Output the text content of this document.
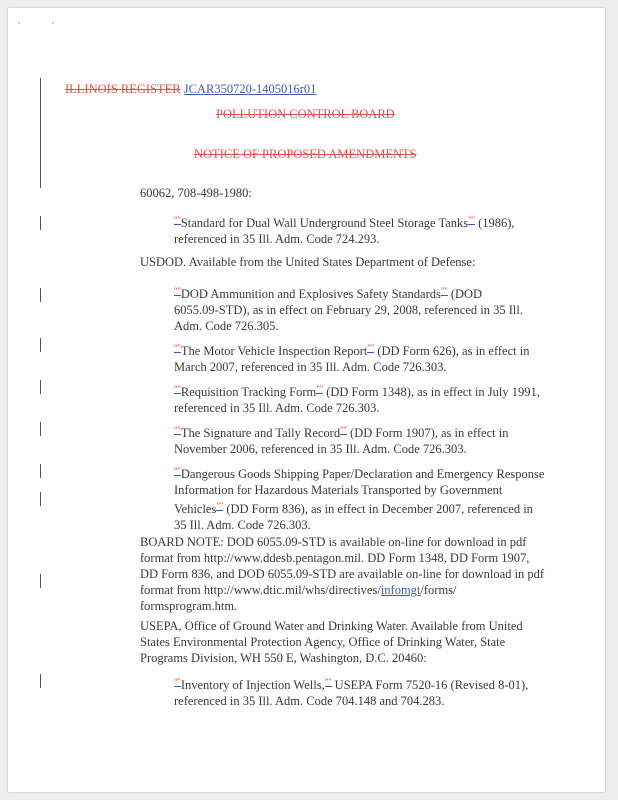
ILLINOIS REGISTER JCAR350720-1405016r01
POLLUTION CONTROL BOARD
NOTICE OF PROPOSED AMENDMENTS
60062, 708-498-1980:
“"Standard for Dual Wall Underground Steel Storage Tanks”" (1986),
referenced in 35 Ill. Adm. Code 724.293.
USDOD. Available from the United States Department of Defense:
“"DOD Ammunition and Explosives Safety Standards”" (DOD
6055.09-STD), as in effect on February 29, 2008, referenced in 35 Ill.
Adm. Code 726.305.
“"The Motor Vehicle Inspection Report”" (DD Form 626), as in effect in
March 2007, referenced in 35 Ill. Adm. Code 726.303.
“"Requisition Tracking Form”" (DD Form 1348), as in effect in July 1991,
referenced in 35 Ill. Adm. Code 726.303.
“"The Signature and Tally Record”" (DD Form 1907), as in effect in
November 2006, referenced in 35 Ill. Adm. Code 726.303.
“"Dangerous Goods Shipping Paper/Declaration and Emergency Response
Information for Hazardous Materials Transported by Government
Vehicles”" (DD Form 836), as in effect in December 2007, referenced in
35 Ill. Adm. Code 726.303.
BOARD NOTE: DOD 6055.09-STD is available on-line for download in pdf
format from http://www.ddesb.pentagon.mil. DD Form 1348, DD Form 1907,
DD Form 836, and DOD 6055.09-STD are available on-line for download in pdf
format from http://www.dtic.mil/whs/directives/infomgt/forms/
formsprogram.htm.
USEPA, Office of Ground Water and Drinking Water. Available from United
States Environmental Protection Agency, Office of Drinking Water, State
Programs Division, WH 550 E, Washington, D.C. 20460:
“"Inventory of Injection Wells,”" USEPA Form 7520-16 (Revised 8-01),
referenced in 35 Ill. Adm. Code 704.148 and 704.283.
